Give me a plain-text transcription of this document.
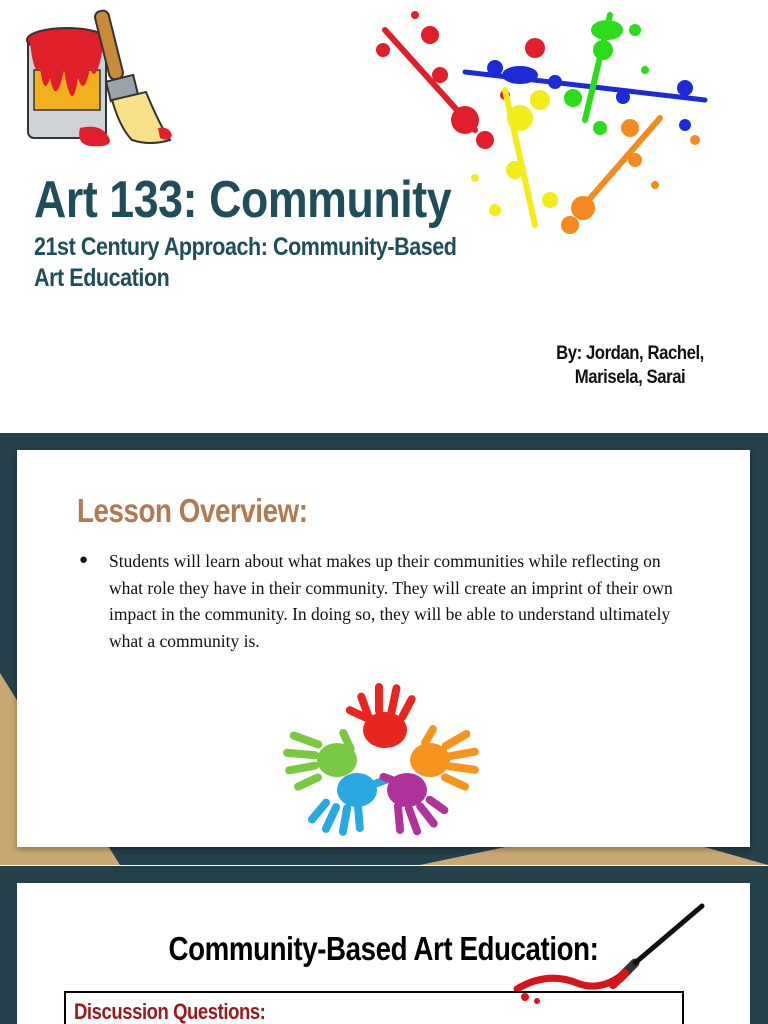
Art 133: Community
21st Century Approach: Community-Based Art Education
By: Jordan, Rachel,
Marisela, Sarai
Lesson Overview:
● Students will learn about what makes up their communities while reflecting on what role they have in their community. They will create an imprint of their own impact in the community. In doing so, they will be able to understand ultimately what a community is.
Community-Based Art Education:
Discussion Questions:
